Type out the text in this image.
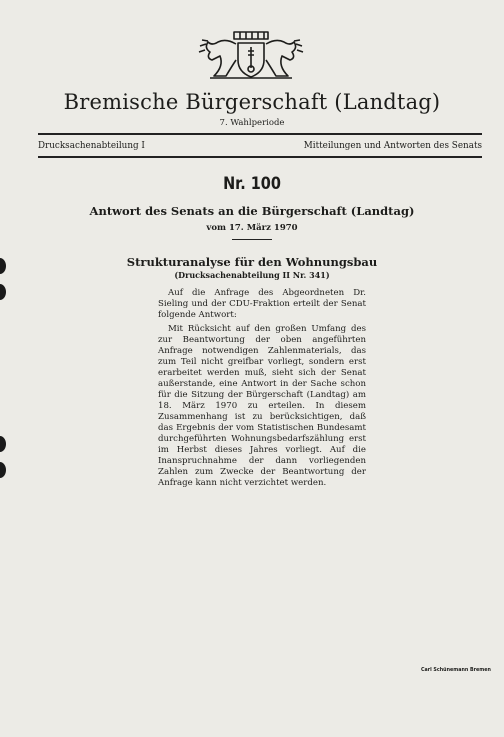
Bremische Bürgerschaft (Landtag)
7. Wahlperiode
Drucksachenabteilung I	Mitteilungen und Antworten des Senats
Nr. 100
Antwort des Senats an die Bürgerschaft (Landtag)
vom 17. März 1970
Strukturanalyse für den Wohnungsbau
(Drucksachenabteilung II Nr. 341)

Auf die Anfrage des Abgeordneten Dr. Sieling und der CDU-Fraktion erteilt der Senat folgende Antwort:

Mit Rücksicht auf den großen Umfang des zur Beantwortung der oben angeführten Anfrage notwendigen Zahlenmaterials, das zum Teil nicht greifbar vorliegt, sondern erst erarbeitet werden muß, sieht sich der Senat außerstande, eine Antwort in der Sache schon für die Sitzung der Bürgerschaft (Landtag) am 18. März 1970 zu erteilen. In diesem Zusammenhang ist zu berücksichtigen, daß das Ergebnis der vom Statistischen Bundesamt durchgeführten Wohnungsbedarfszählung erst im Herbst dieses Jahres vorliegt. Auf die Inanspruchnahme der dann vorliegenden Zahlen zum Zwecke der Beantwortung der Anfrage kann nicht verzichtet werden.

Carl Schünemann Bremen
